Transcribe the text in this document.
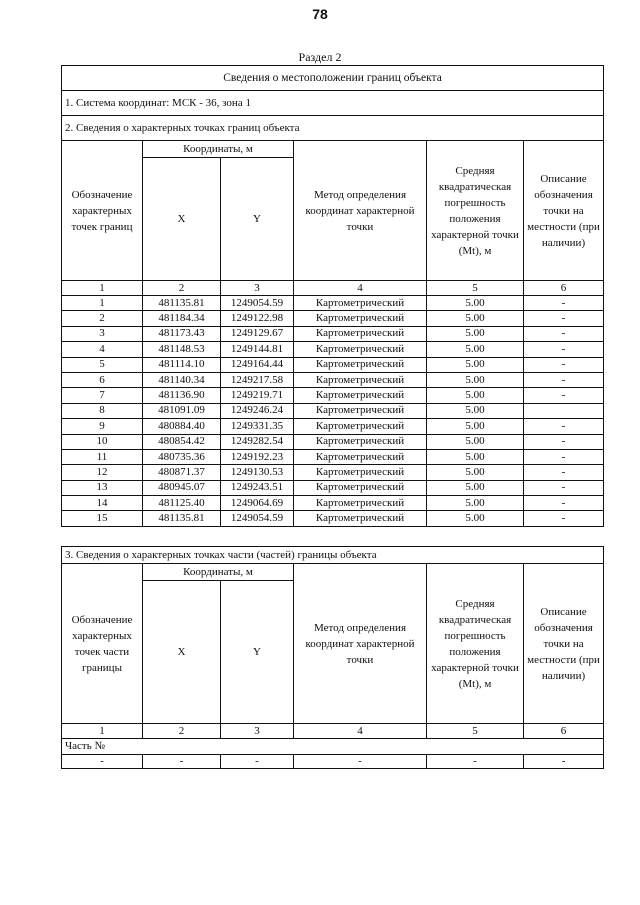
78
Раздел 2
Сведения о местоположении границ объекта					
1. Система координат: МСК - 36, зона 1					
2. Сведения о характерных точках границ объекта					
Обозначение характерных точек границ	Координаты, м		Метод определения координат характерной точки	Средняя квадратическая погрешность положения характерной точки (Mt), м	Описание обозначения точки на местности (при наличии)
	X	Y			
1	2	3	4	5	6
1	481135.81	1249054.59	Картометрический	5.00	-
2	481184.34	1249122.98	Картометрический	5.00	-
3	481173.43	1249129.67	Картометрический	5.00	-
4	481148.53	1249144.81	Картометрический	5.00	-
5	481114.10	1249164.44	Картометрический	5.00	-
6	481140.34	1249217.58	Картометрический	5.00	-
7	481136.90	1249219.71	Картометрический	5.00	-
8	481091.09	1249246.24	Картометрический	5.00	
9	480884.40	1249331.35	Картометрический	5.00	-
10	480854.42	1249282.54	Картометрический	5.00	-
11	480735.36	1249192.23	Картометрический	5.00	-
12	480871.37	1249130.53	Картометрический	5.00	-
13	480945.07	1249243.51	Картометрический	5.00	-
14	481125.40	1249064.69	Картометрический	5.00	-
15	481135.81	1249054.59	Картометрический	5.00	-
3. Сведения о характерных точках части (частей) границы объекта					
Обозначение характерных точек части границы	Координаты, м		Метод определения координат характерной точки	Средняя квадратическая погрешность положения характерной точки (Mt), м	Описание обозначения точки на местности (при наличии)
	X	Y			
1	2	3	4	5	6
Часть №					
-	-	-	-	-	-
